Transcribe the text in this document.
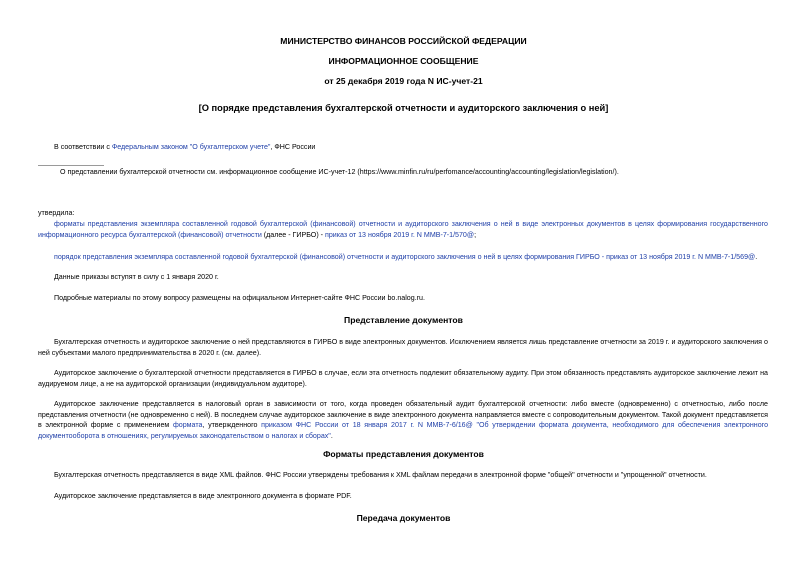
МИНИСТЕРСТВО ФИНАНСОВ РОССИЙСКОЙ ФЕДЕРАЦИИ
ИНФОРМАЦИОННОЕ СООБЩЕНИЕ
от 25 декабря 2019 года N ИС-учет-21
[О порядке представления бухгалтерской отчетности и аудиторского заключения о ней]
В соответствии с Федеральным законом "О бухгалтерском учете", ФНС России
О представлении бухгалтерской отчетности см. информационное сообщение ИС-учет-12 (https://www.minfin.ru/ru/perfomance/accounting/accounting/legislation/legislation/).
утвердила:
форматы представления экземпляра составленной годовой бухгалтерской (финансовой) отчетности и аудиторского заключения о ней в виде электронных документов в целях формирования государственного информационного ресурса бухгалтерской (финансовой) отчетности (далее - ГИРБО) - приказ от 13 ноября 2019 г. N ММВ-7-1/570@;
порядок представления экземпляра составленной годовой бухгалтерской (финансовой) отчетности и аудиторского заключения о ней в целях формирования ГИРБО - приказ от 13 ноября 2019 г. N ММВ-7-1/569@.
Данные приказы вступят в силу с 1 января 2020 г.
Подробные материалы по этому вопросу размещены на официальном Интернет-сайте ФНС России bo.nalog.ru.
Представление документов
Бухгалтерская отчетность и аудиторское заключение о ней представляются в ГИРБО в виде электронных документов. Исключением является лишь представление отчетности за 2019 г. и аудиторского заключения о ней субъектами малого предпринимательства в 2020 г. (см. далее).
Аудиторское заключение о бухгалтерской отчетности представляется в ГИРБО в случае, если эта отчетность подлежит обязательному аудиту. При этом обязанность представлять аудиторское заключение лежит на аудируемом лице, а не на аудиторской организации (индивидуальном аудиторе).
Аудиторское заключение представляется в налоговый орган в зависимости от того, когда проведен обязательный аудит бухгалтерской отчетности: либо вместе (одновременно) с отчетностью, либо после представления отчетности (не одновременно с ней). В последнем случае аудиторское заключение в виде электронного документа направляется вместе с сопроводительным документом. Такой документ представляется в электронной форме с применением формата, утвержденного приказом ФНС России от 18 января 2017 г. N ММВ-7-6/16@ "Об утверждении формата документа, необходимого для обеспечения электронного документооборота в отношениях, регулируемых законодательством о налогах и сборах".
Форматы представления документов
Бухгалтерская отчетность представляется в виде XML файлов. ФНС России утверждены требования к XML файлам передачи в электронной форме "общей" отчетности и "упрощенной" отчетности.
Аудиторское заключение представляется в виде электронного документа в формате PDF.
Передача документов
